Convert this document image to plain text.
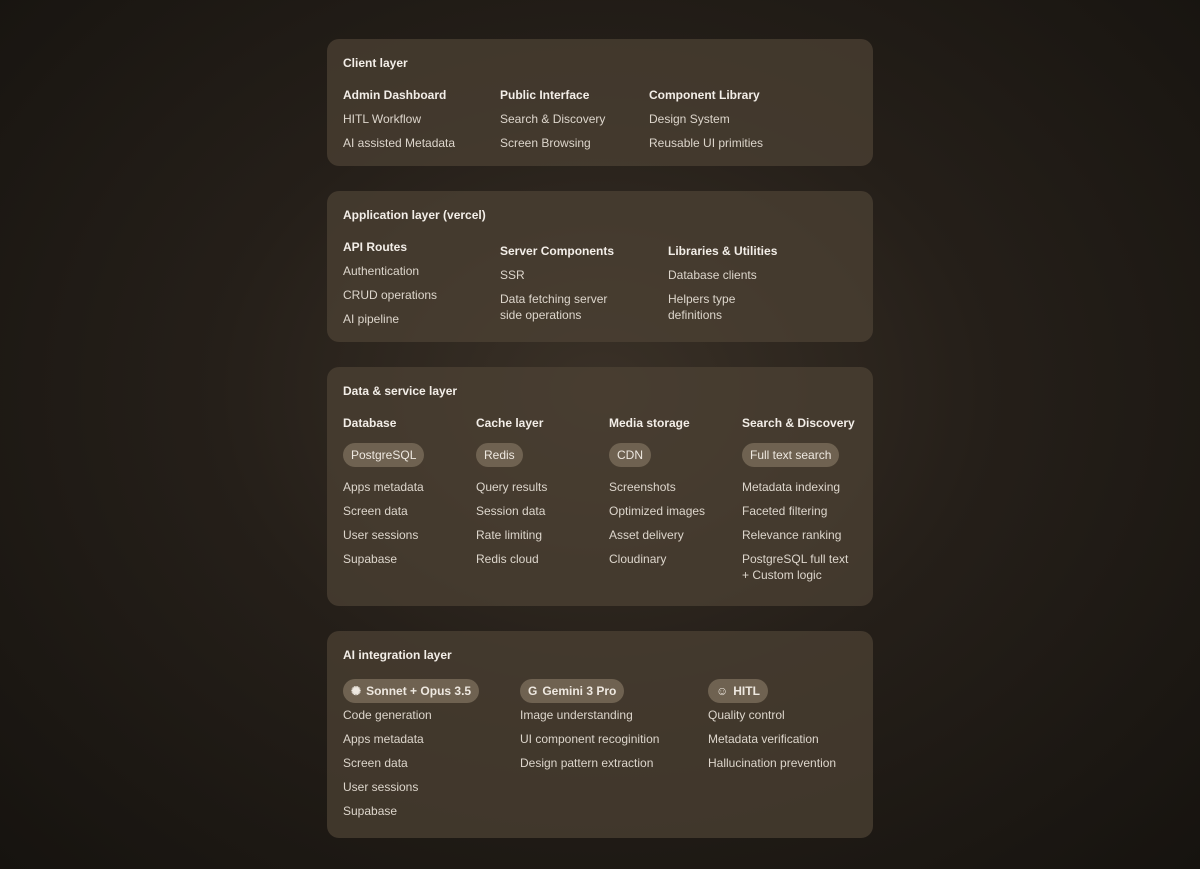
Client layer
Admin Dashboard
HITL Workflow
AI assisted Metadata
Public Interface
Search & Discovery
Screen Browsing
Component Library
Design System
Reusable UI primities
Application layer (vercel)
API Routes
Authentication
CRUD operations
AI pipeline
Server Components
SSR
Data fetching server
side operations
Libraries & Utilities
Database clients
Helpers type
definitions
Data & service layer
Database
PostgreSQL
Apps metadata
Screen data
User sessions
Supabase
Cache layer
Redis
Query results
Session data
Rate limiting
Redis cloud
Media storage
CDN
Screenshots
Optimized images
Asset delivery
Cloudinary
Search & Discovery
Full text search
Metadata indexing
Faceted filtering
Relevance ranking
PostgreSQL full text
+ Custom logic
AI integration layer
✺ Sonnet + Opus 3.5
Code generation
Apps metadata
Screen data
User sessions
Supabase
G Gemini 3 Pro
Image understanding
UI component recoginition
Design pattern extraction
☺ HITL
Quality control
Metadata verification
Hallucination prevention
